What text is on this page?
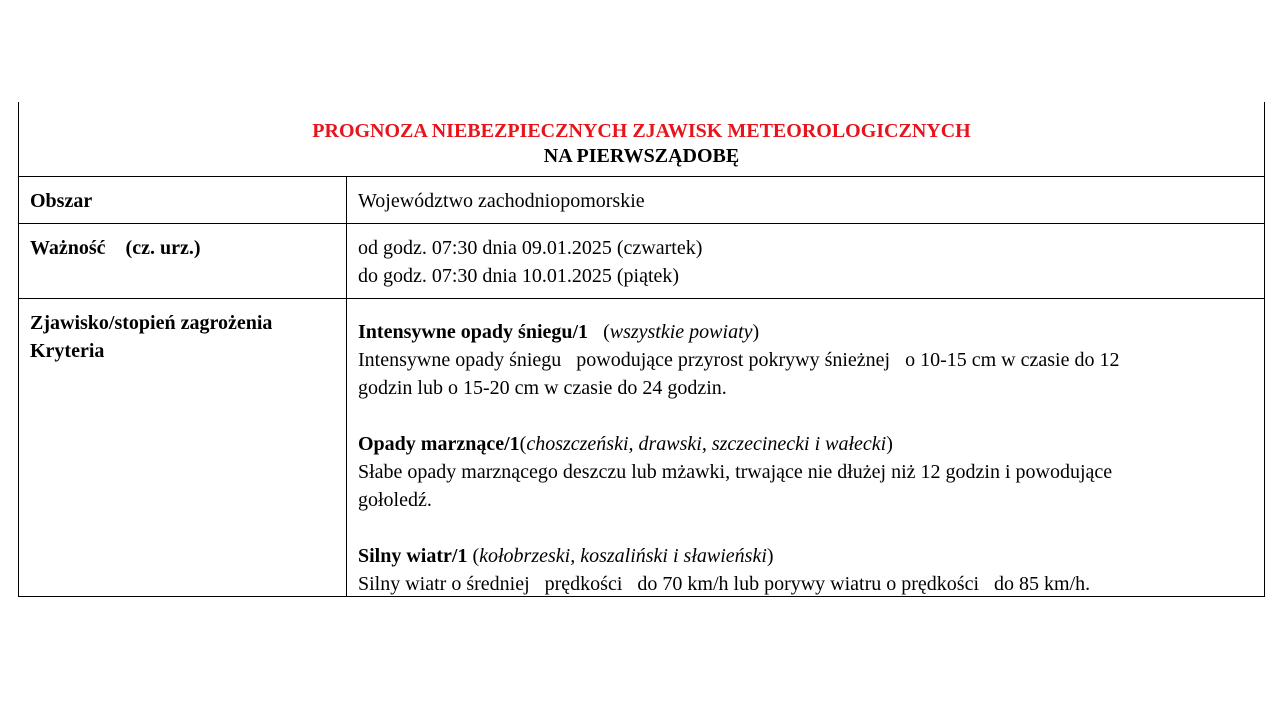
PROGNOZA NIEBEZPIECZNYCH ZJAWISK METEOROLOGICZNYCH
NA PIERWSZĄDOBĘ
Obszar	Województwo zachodniopomorskie
Ważność    (cz. urz.)	od godz. 07:30 dnia 09.01.2025 (czwartek)
do godz. 07:30 dnia 10.01.2025 (piątek)
Zjawisko/stopień zagrożenia
Kryteria
Intensywne opady śniegu/1   (wszystkie powiaty)
Intensywne opady śniegu   powodujące przyrost pokrywy śnieżnej   o 10-15 cm w czasie do 12
godzin lub o 15-20 cm w czasie do 24 godzin.
Opady marznące/1(choszczeński, drawski, szczecinecki i wałecki)
Słabe opady marznącego deszczu lub mżawki, trwające nie dłużej niż 12 godzin i powodujące
gołoledź.
Silny wiatr/1 (kołobrzeski, koszaliński i sławieński)
Silny wiatr o średniej   prędkości   do 70 km/h lub porywy wiatru o prędkości   do 85 km/h.
